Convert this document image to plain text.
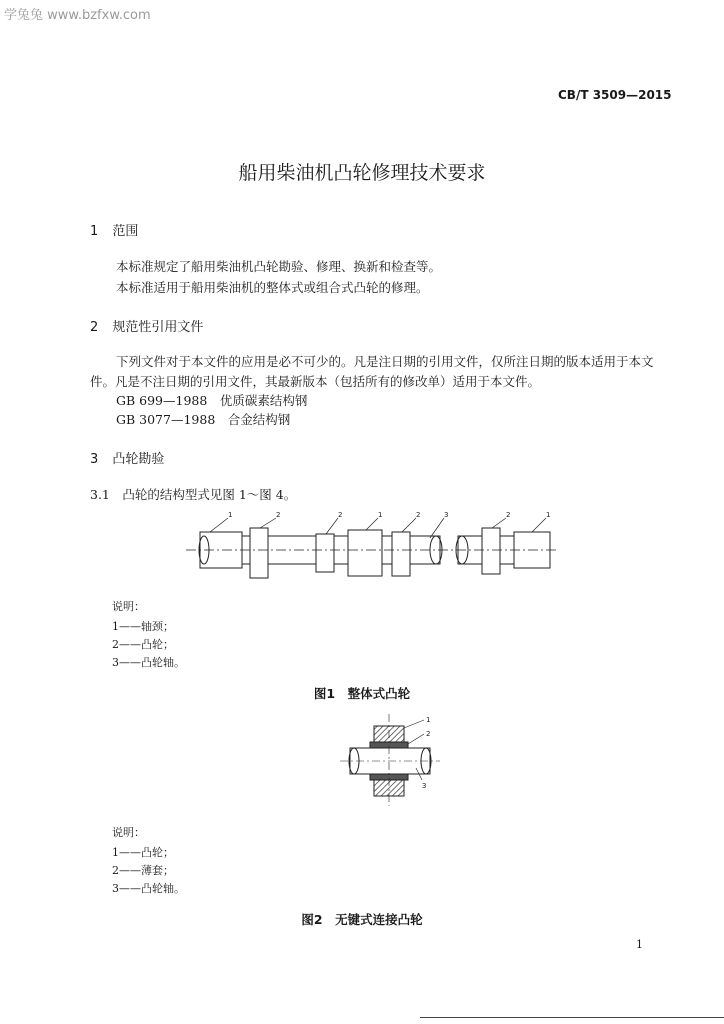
学兔兔 www.bzfxw.com
CB/T 3509—2015
船用柴油机凸轮修理技术要求
1 范围
本标准规定了船用柴油机凸轮勘验、修理、换新和检查等。
本标准适用于船用柴油机的整体式或组合式凸轮的修理。
2 规范性引用文件
下列文件对于本文件的应用是必不可少的。凡是注日期的引用文件，仅所注日期的版本适用于本文
件。凡是不注日期的引用文件，其最新版本（包括所有的修改单）适用于本文件。
GB 699—1988　优质碳素结构钢
GB 3077—1988　合金结构钢
3 凸轮勘验
3.1　凸轮的结构型式见图 1～图 4。
1	2	2	1	2	3	2	1
说明：
1——轴颈；
2——凸轮；
3——凸轮轴。
图1　整体式凸轮
1
2
3
说明：
1——凸轮；
2——薄套；
3——凸轮轴。
图2　无键式连接凸轮
1
